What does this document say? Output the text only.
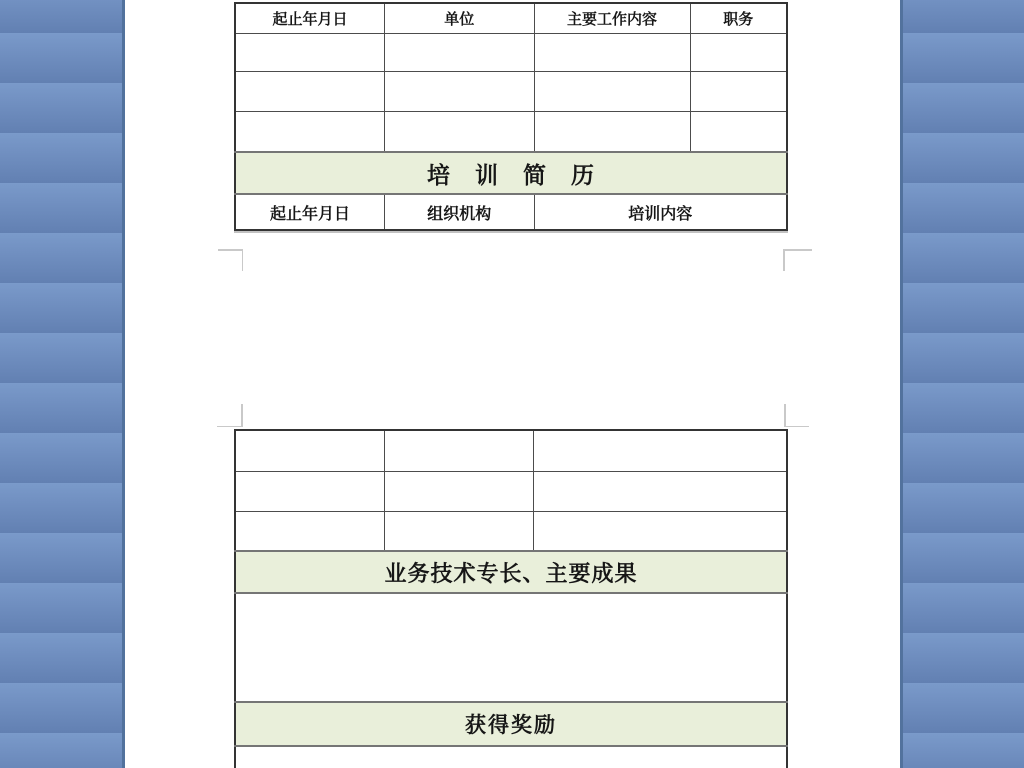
起止年月日	单位	主要工作内容	职务

培　训　简　历			
起止年月日	组织机构	培训内容	

业务技术专长、主要成果		

获得奖励		
